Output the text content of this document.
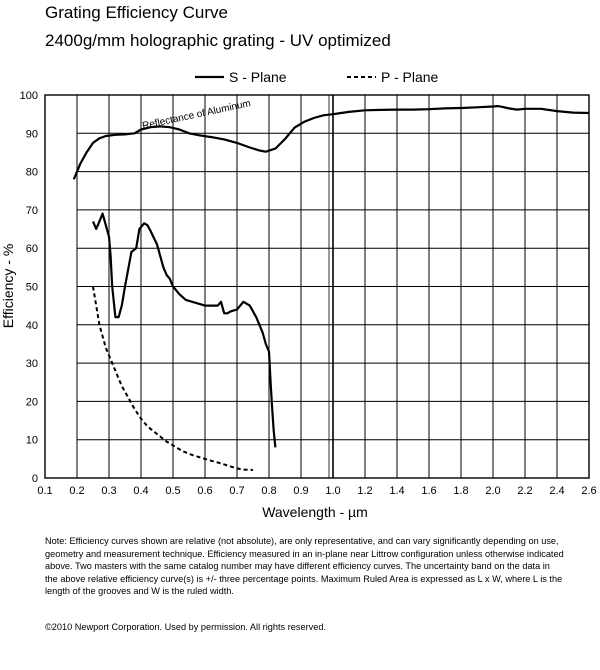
Grating Efficiency Curve
2400g/mm holographic grating - UV optimized
S - Plane	P - Plane
0.1 0.2 0.3 0.4 0.5 0.6 0.7 0.8 0.9 1.0 1.2 1.4 1.6 1.8 2.0 2.2 2.4 2.6
0
10
20
30
40
50
60
70
80
90
100
Reflectance of Aluminum
Wavelength - µm
Efficiency - %
Note: Efficiency curves shown are relative (not absolute), are only representative, and can vary significantly depending on use, geometry and measurement technique. Efficiency measured in an in-plane near Littrow configuration unless otherwise indicated above. Two masters with the same catalog number may have different efficiency curves. The uncertainty band on the data in the above relative efficiency curve(s) is +/- three percentage points. Maximum Ruled Area is expressed as L x W, where L is the length of the grooves and W is the ruled width.
©2010 Newport Corporation. Used by permission. All rights reserved.
